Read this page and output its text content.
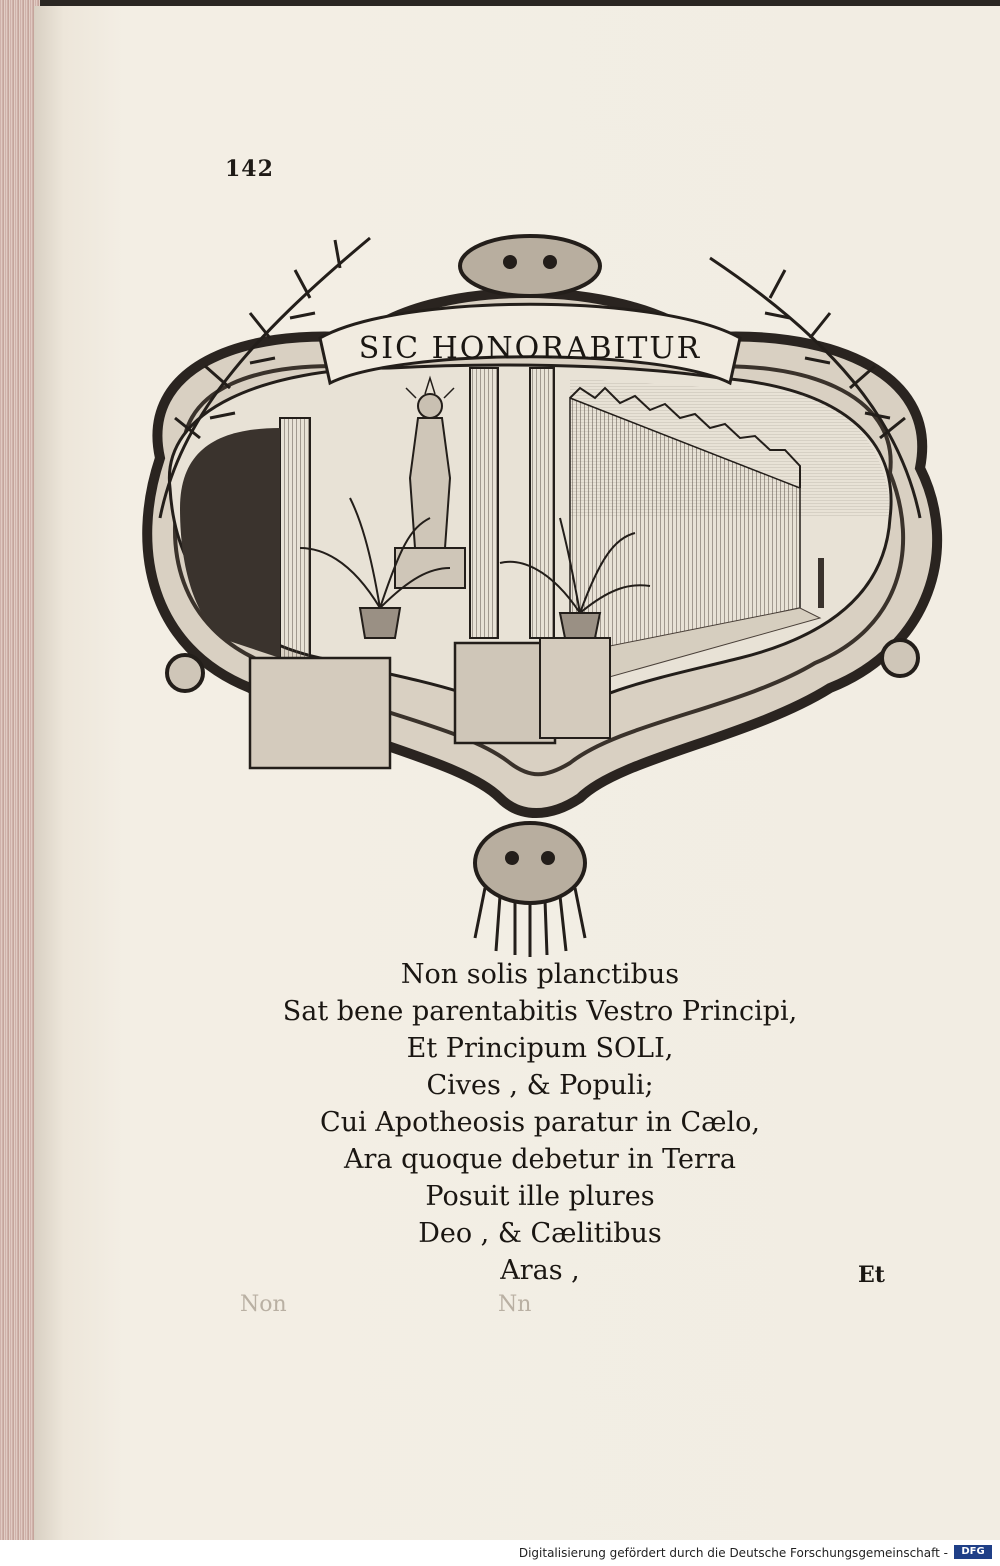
142
SIC HONORABITUR
Non solis planctibus
Sat bene parentabitis Vestro Principi,
Et Principum SOLI,
Cives , & Populi;
Cui Apotheosis paratur in Cælo,
Ara quoque debetur in Terra
Posuit ille plures
Deo , & Cælitibus
Aras ,	Et
Non	Nn
Digitalisierung gefördert durch die Deutsche Forschungsgemeinschaft -	DFG
